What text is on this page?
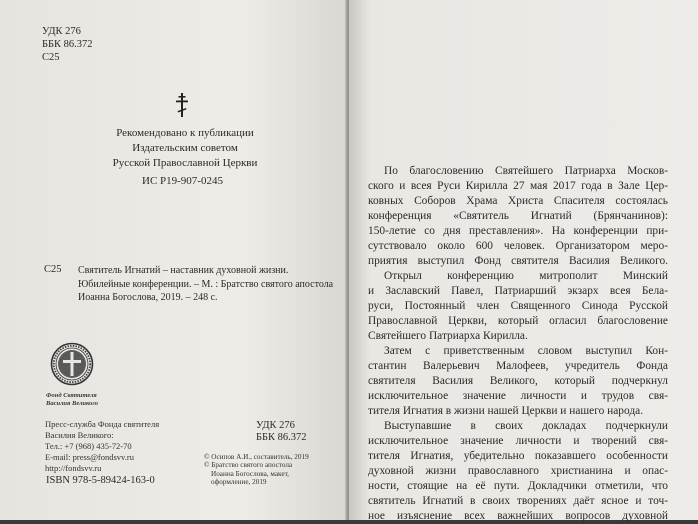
УДК 276
ББК 86.372
С25
Рекомендовано к публикации
Издательским советом
Русской Православной Церкви
ИС Р19-907-0245
С25 Святитель Игнатий – наставник духовной жизни.
Юбилейные конференции. – М. : Братство святого апостола
Иоанна Богослова, 2019. – 248 с.
Фонд Святителя
Василия Великого
Пресс-служба Фонда святителя
Василия Великого:
Тел.: +7 (968) 435-72-70
E-mail: press@fondsvv.ru
http://fondsvv.ru
УДК 276
ББК 86.372
ISBN 978-5-89424-163-0
© Осипов А.И., составитель, 2019
© Братство святого апостола
Иоанна Богослова, макет,
оформление, 2019
По благословению Святейшего Патриарха Москов-
ского и всея Руси Кирилла 27 мая 2017 года в Зале Цер-
ковных Соборов Храма Христа Спасителя состоялась
конференция «Святитель Игнатий (Брянчанинов):
150-летие со дня преставления». На конференции при-
сутствовало около 600 человек. Организатором меро-
приятия выступил Фонд святителя Василия Великого.
Открыл конференцию митрополит Минский
и Заславский Павел, Патриарший экзарх всея Бела-
руси, Постоянный член Священного Синода Русской
Православной Церкви, который огласил благословение
Святейшего Патриарха Кирилла.
Затем с приветственным словом выступил Кон-
стантин Валерьевич Малофеев, учредитель Фонда
святителя Василия Великого, который подчеркнул
исключительное значение личности и трудов свя-
тителя Игнатия в жизни нашей Церкви и нашего народа.
Выступавшие в своих докладах подчеркнули
исключительное значение личности и творений свя-
тителя Игнатия, убедительно показавшего особенности
духовной жизни православного христианина и опас-
ности, стоящие на её пути. Докладчики отметили, что
святитель Игнатий в своих творениях даёт ясное и точ-
ное изъяснение всех важнейших вопросов духовной
